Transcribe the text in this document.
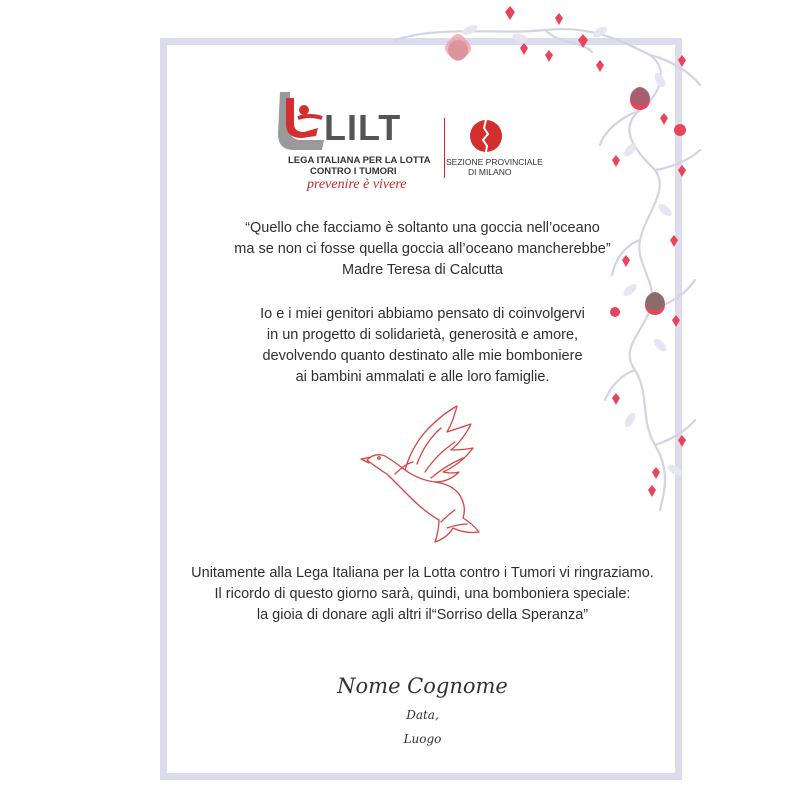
LILT
LEGA ITALIANA PER LA LOTTA
CONTRO I TUMORI
prevenire è vivere
SEZIONE PROVINCIALE
DI MILANO
“Quello che facciamo è soltanto una goccia nell’oceano
ma se non ci fosse quella goccia all’oceano mancherebbe”
Madre Teresa di Calcutta
Io e i miei genitori abbiamo pensato di coinvolgervi
in un progetto di solidarietà, generosità e amore,
devolvendo quanto destinato alle mie bomboniere
ai bambini ammalati e alle loro famiglie.
Unitamente alla Lega Italiana per la Lotta contro i Tumori vi ringraziamo.
Il ricordo di questo giorno sarà, quindi, una bomboniera speciale:
la gioia di donare agli altri il“Sorriso della Speranza”
Nome Cognome
Data,
Luogo
